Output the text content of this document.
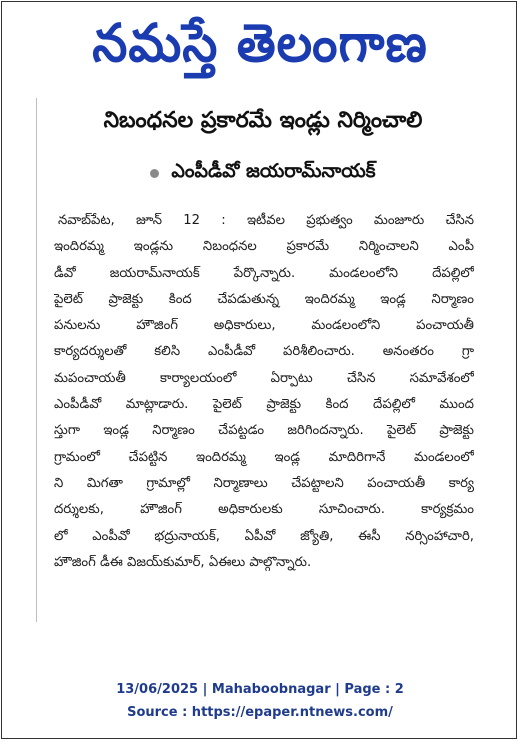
నమస్తే తెలంగాణ
నిబంధనల ప్రకారమే ఇండ్లు నిర్మించాలి
ఎంపీడీవో జయరామ్‌నాయక్
నవాబ్‌పేట, జూన్ 12 : ఇటీవల ప్రభుత్వం మంజూరు చేసిన
ఇందిరమ్మ ఇండ్లను నిబంధనల ప్రకారమే నిర్మించాలని ఎంపీ
డీవో జయరామ్‌నాయక్ పేర్కొన్నారు. మండలంలోని దేపల్లిలో
పైలెట్ ప్రాజెక్టు కింద చేపడుతున్న ఇందిరమ్మ ఇండ్ల నిర్మాణం
పనులను హౌజింగ్ అధికారులు, మండలంలోని పంచాయతీ
కార్యదర్శులతో కలిసి ఎంపీడీవో పరిశీలించారు. అనంతరం గ్రా
మపంచాయతీ కార్యాలయంలో ఏర్పాటు చేసిన సమావేశంలో
ఎంపీడీవో మాట్లాడారు. పైలెట్ ప్రాజెక్టు కింద దేపల్లిలో ముంద
స్తుగా ఇండ్ల నిర్మాణం చేపట్టడం జరిగిందన్నారు. పైలెట్ ప్రాజెక్టు
గ్రామంలో చేపట్టిన ఇందిరమ్మ ఇండ్ల మాదిరిగానే మండలంలో
ని మిగతా గ్రామాల్లో నిర్మాణాలు చేపట్టాలని పంచాయతీ కార్య
దర్శులకు, హౌజింగ్ అధికారులకు సూచించారు. కార్యక్రమం
లో ఎంపీవో భద్రునాయక్, ఏపీవో జ్యోతి, ఈసీ నర్సింహాచారి,
హౌజింగ్ డీఈ విజయ్‌కుమార్, ఏఈలు పాల్గొన్నారు.
13/06/2025 | Mahaboobnagar | Page : 2
Source : https://epaper.ntnews.com/
